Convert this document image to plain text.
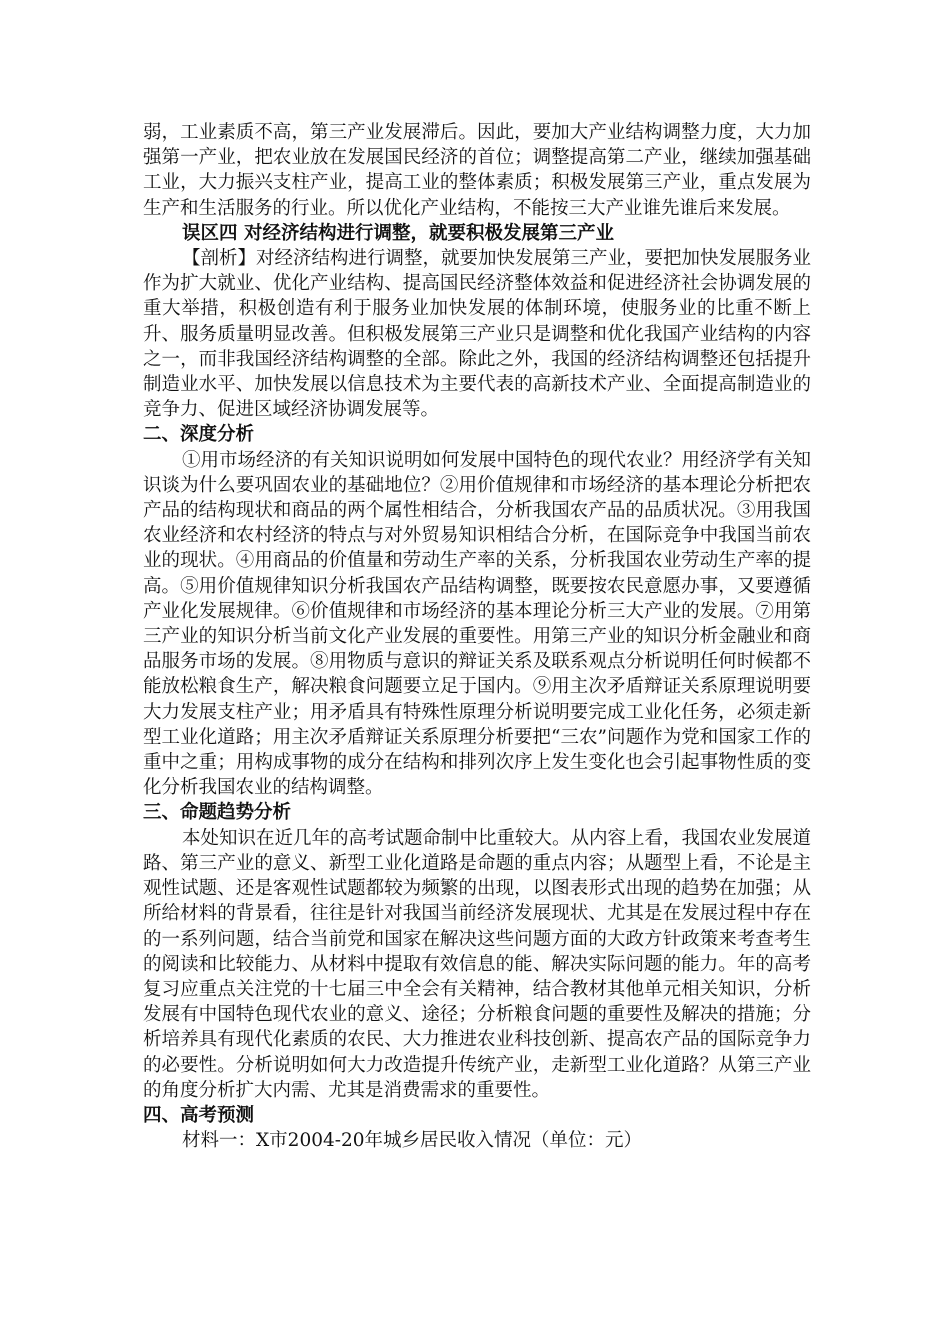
弱，工业素质不高，第三产业发展滞后。因此，要加大产业结构调整力度，大力加强第一产业，把农业放在发展国民经济的首位；调整提高第二产业，继续加强基础工业，大力振兴支柱产业，提高工业的整体素质；积极发展第三产业，重点发展为生产和生活服务的行业。所以优化产业结构，不能按三大产业谁先谁后来发展。

误区四 对经济结构进行调整，就要积极发展第三产业

【剖析】对经济结构进行调整，就要加快发展第三产业，要把加快发展服务业作为扩大就业、优化产业结构、提高国民经济整体效益和促进经济社会协调发展的重大举措，积极创造有利于服务业加快发展的体制环境，使服务业的比重不断上升、服务质量明显改善。但积极发展第三产业只是调整和优化我国产业结构的内容之一，而非我国经济结构调整的全部。除此之外，我国的经济结构调整还包括提升制造业水平、加快发展以信息技术为主要代表的高新技术产业、全面提高制造业的竞争力、促进区域经济协调发展等。

二、深度分析

①用市场经济的有关知识说明如何发展中国特色的现代农业？用经济学有关知识谈为什么要巩固农业的基础地位？②用价值规律和市场经济的基本理论分析把农产品的结构现状和商品的两个属性相结合，分析我国农产品的品质状况。③用我国农业经济和农村经济的特点与对外贸易知识相结合分析，在国际竞争中我国当前农业的现状。④用商品的价值量和劳动生产率的关系，分析我国农业劳动生产率的提高。⑤用价值规律知识分析我国农产品结构调整，既要按农民意愿办事，又要遵循产业化发展规律。⑥价值规律和市场经济的基本理论分析三大产业的发展。⑦用第三产业的知识分析当前文化产业发展的重要性。用第三产业的知识分析金融业和商品服务市场的发展。⑧用物质与意识的辩证关系及联系观点分析说明任何时候都不能放松粮食生产，解决粮食问题要立足于国内。⑨用主次矛盾辩证关系原理说明要大力发展支柱产业；用矛盾具有特殊性原理分析说明要完成工业化任务，必须走新型工业化道路；用主次矛盾辩证关系原理分析要把“三农”问题作为党和国家工作的重中之重；用构成事物的成分在结构和排列次序上发生变化也会引起事物性质的变化分析我国农业的结构调整。

三、命题趋势分析

本处知识在近几年的高考试题命制中比重较大。从内容上看，我国农业发展道路、第三产业的意义、新型工业化道路是命题的重点内容；从题型上看，不论是主观性试题、还是客观性试题都较为频繁的出现，以图表形式出现的趋势在加强；从所给材料的背景看，往往是针对我国当前经济发展现状、尤其是在发展过程中存在的一系列问题，结合当前党和国家在解决这些问题方面的大政方针政策来考查考生的阅读和比较能力、从材料中提取有效信息的能、解决实际问题的能力。年的高考复习应重点关注党的十七届三中全会有关精神，结合教材其他单元相关知识，分析发展有中国特色现代农业的意义、途径；分析粮食问题的重要性及解决的措施；分析培养具有现代化素质的农民、大力推进农业科技创新、提高农产品的国际竞争力的必要性。分析说明如何大力改造提升传统产业，走新型工业化道路？从第三产业的角度分析扩大内需、尤其是消费需求的重要性。

四、高考预测

材料一：X市2004-20年城乡居民收入情况（单位：元）
